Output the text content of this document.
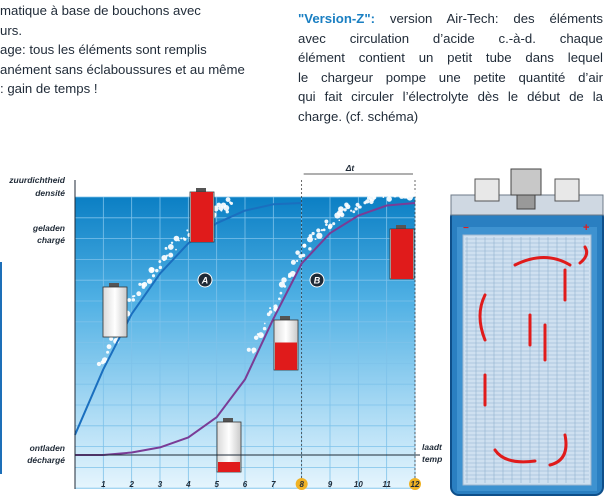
matique à base de bouchons avec
urs.
age: tous les éléments sont remplis
anément sans éclaboussures et au même
: gain de temps !
"Version-Z": version Air-Tech: des éléments
avec circulation d’acide c.-à-d. chaque
élément contient un petit tube dans lequel
le chargeur pompe une petite quantité d’air
qui fait circuler l’électrolyte dès le début de la
charge. (cf. schéma)
A	B
1	2	3	4	5	6	7	8	9	10 11 12
zuurdichtheid
densité
geladen
chargé
ontladen
déchargé
laadt
temp
Δt
−	+
